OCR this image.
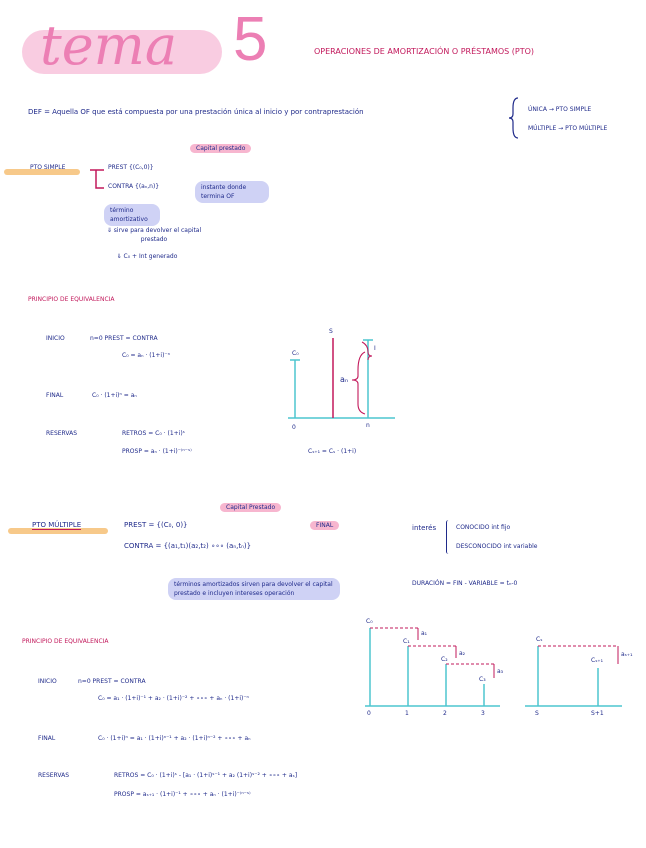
tema 5	OPERACIONES DE AMORTIZACIÓN O PRÉSTAMOS (PTO)
DEF = Aquella OF que está compuesta por una prestación única al inicio y por contraprestación	ÚNICA → PTO SIMPLE
MÚLTIPLE → PTO MÚLTIPLE
PTO SIMPLE	PREST {(C₀,0)}
CONTRA {(aₙ,n)}
Capital prestado
instante donde termina OF
término amortizativo
⇓ sirve para devolver el capital prestado
⇓ C₀ + Int generado
PRINCIPIO DE EQUIVALENCIA
INICIO	n=0 PREST = CONTRA
C₀ = aₙ · (1+i)⁻ⁿ
FINAL	C₀ · (1+i)ⁿ = aₙ
RESERVAS	RETROS = C₀ · (1+i)ˢ
PROSP = aₙ · (1+i)⁻⁽ⁿ⁻ˢ⁾
C₀
S
I
aₙ
0	n
Cₛ₊₁ = Cₛ · (1+i)
PTO MÚLTIPLE	PREST = {(C₀, 0)}
CONTRA = {(a₁,t₁)(a₂,t₂) ∘∘∘ (aₙ,tₙ)}
Capital Prestado
FINAL
términos amortizados sirven para devolver el capital prestado e incluyen intereses operación
interés	CONOCIDO int fijo
DESCONOCIDO int variable
DURACIÓN = FIN - VARIABLE = tₙ-0
PRINCIPIO DE EQUIVALENCIA
INICIO	n=0 PREST = CONTRA
C₀ = a₁ · (1+i)⁻¹ + a₂ · (1+i)⁻² + ∘∘∘ + aₙ · (1+i)⁻ⁿ
FINAL	C₀ · (1+i)ⁿ = a₁ · (1+i)ⁿ⁻¹ + a₂ · (1+i)ⁿ⁻² + ∘∘∘ + aₙ
RESERVAS	RETROS = C₀ · (1+i)ˢ - [a₁ · (1+i)ˢ⁻¹ + a₂ (1+i)ˢ⁻² + ∘∘∘ + aₛ]
PROSP = aₛ₊₁ · (1+i)⁻¹ + ∘∘∘ + aₙ · (1+i)⁻⁽ⁿ⁻ˢ⁾
C₀
C₁
C₂
C₃
a₁
a₂
a₃
0	1	2	3
Cₛ
Cₛ₊₁
aₛ₊₁
S	S+1
